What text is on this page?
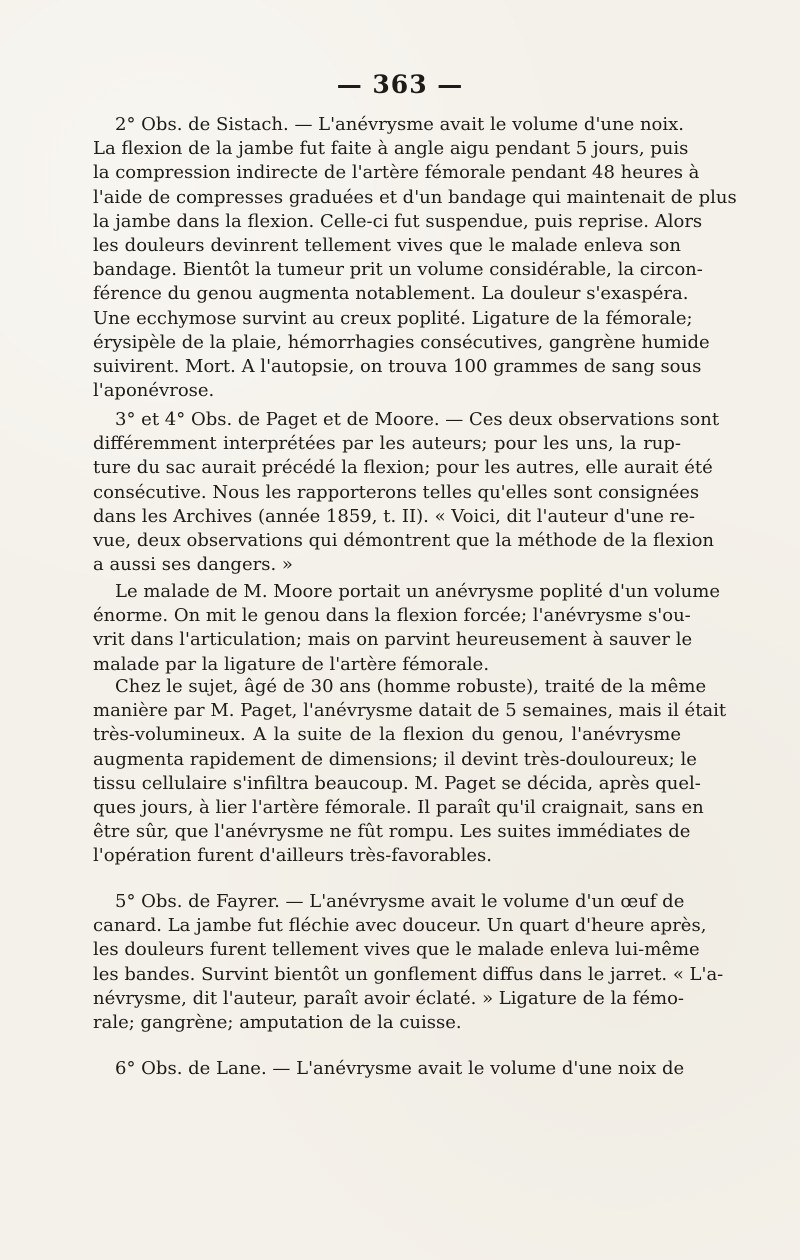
— 363 —
2° Obs. de Sistach. — L'anévrysme avait le volume d'une noix.
La flexion de la jambe fut faite à angle aigu pendant 5 jours, puis
la compression indirecte de l'artère fémorale pendant 48 heures à
l'aide de compresses graduées et d'un bandage qui maintenait de plus
la jambe dans la flexion. Celle-ci fut suspendue, puis reprise. Alors
les douleurs devinrent tellement vives que le malade enleva son
bandage. Bientôt la tumeur prit un volume considérable, la circon-
férence du genou augmenta notablement. La douleur s'exaspéra.
Une ecchymose survint au creux poplité. Ligature de la fémorale;
érysipèle de la plaie, hémorrhagies consécutives, gangrène humide
suivirent. Mort. A l'autopsie, on trouva 100 grammes de sang sous
l'aponévrose.
3° et 4° Obs. de Paget et de Moore. — Ces deux observations sont
différemment interprétées par les auteurs; pour les uns, la rup-
ture du sac aurait précédé la flexion; pour les autres, elle aurait été
consécutive. Nous les rapporterons telles qu'elles sont consignées
dans les Archives (année 1859, t. II). « Voici, dit l'auteur d'une re-
vue, deux observations qui démontrent que la méthode de la flexion
a aussi ses dangers. »
Le malade de M. Moore portait un anévrysme poplité d'un volume
énorme. On mit le genou dans la flexion forcée; l'anévrysme s'ou-
vrit dans l'articulation; mais on parvint heureusement à sauver le
malade par la ligature de l'artère fémorale.
Chez le sujet, âgé de 30 ans (homme robuste), traité de la même
manière par M. Paget, l'anévrysme datait de 5 semaines, mais il était
très-volumineux. A la suite de la flexion du genou, l'anévrysme
augmenta rapidement de dimensions; il devint très-douloureux; le
tissu cellulaire s'infiltra beaucoup. M. Paget se décida, après quel-
ques jours, à lier l'artère fémorale. Il paraît qu'il craignait, sans en
être sûr, que l'anévrysme ne fût rompu. Les suites immédiates de
l'opération furent d'ailleurs très-favorables.
5° Obs. de Fayrer. — L'anévrysme avait le volume d'un œuf de
canard. La jambe fut fléchie avec douceur. Un quart d'heure après,
les douleurs furent tellement vives que le malade enleva lui-même
les bandes. Survint bientôt un gonflement diffus dans le jarret. « L'a-
névrysme, dit l'auteur, paraît avoir éclaté. » Ligature de la fémo-
rale; gangrène; amputation de la cuisse.
6° Obs. de Lane. — L'anévrysme avait le volume d'une noix de
